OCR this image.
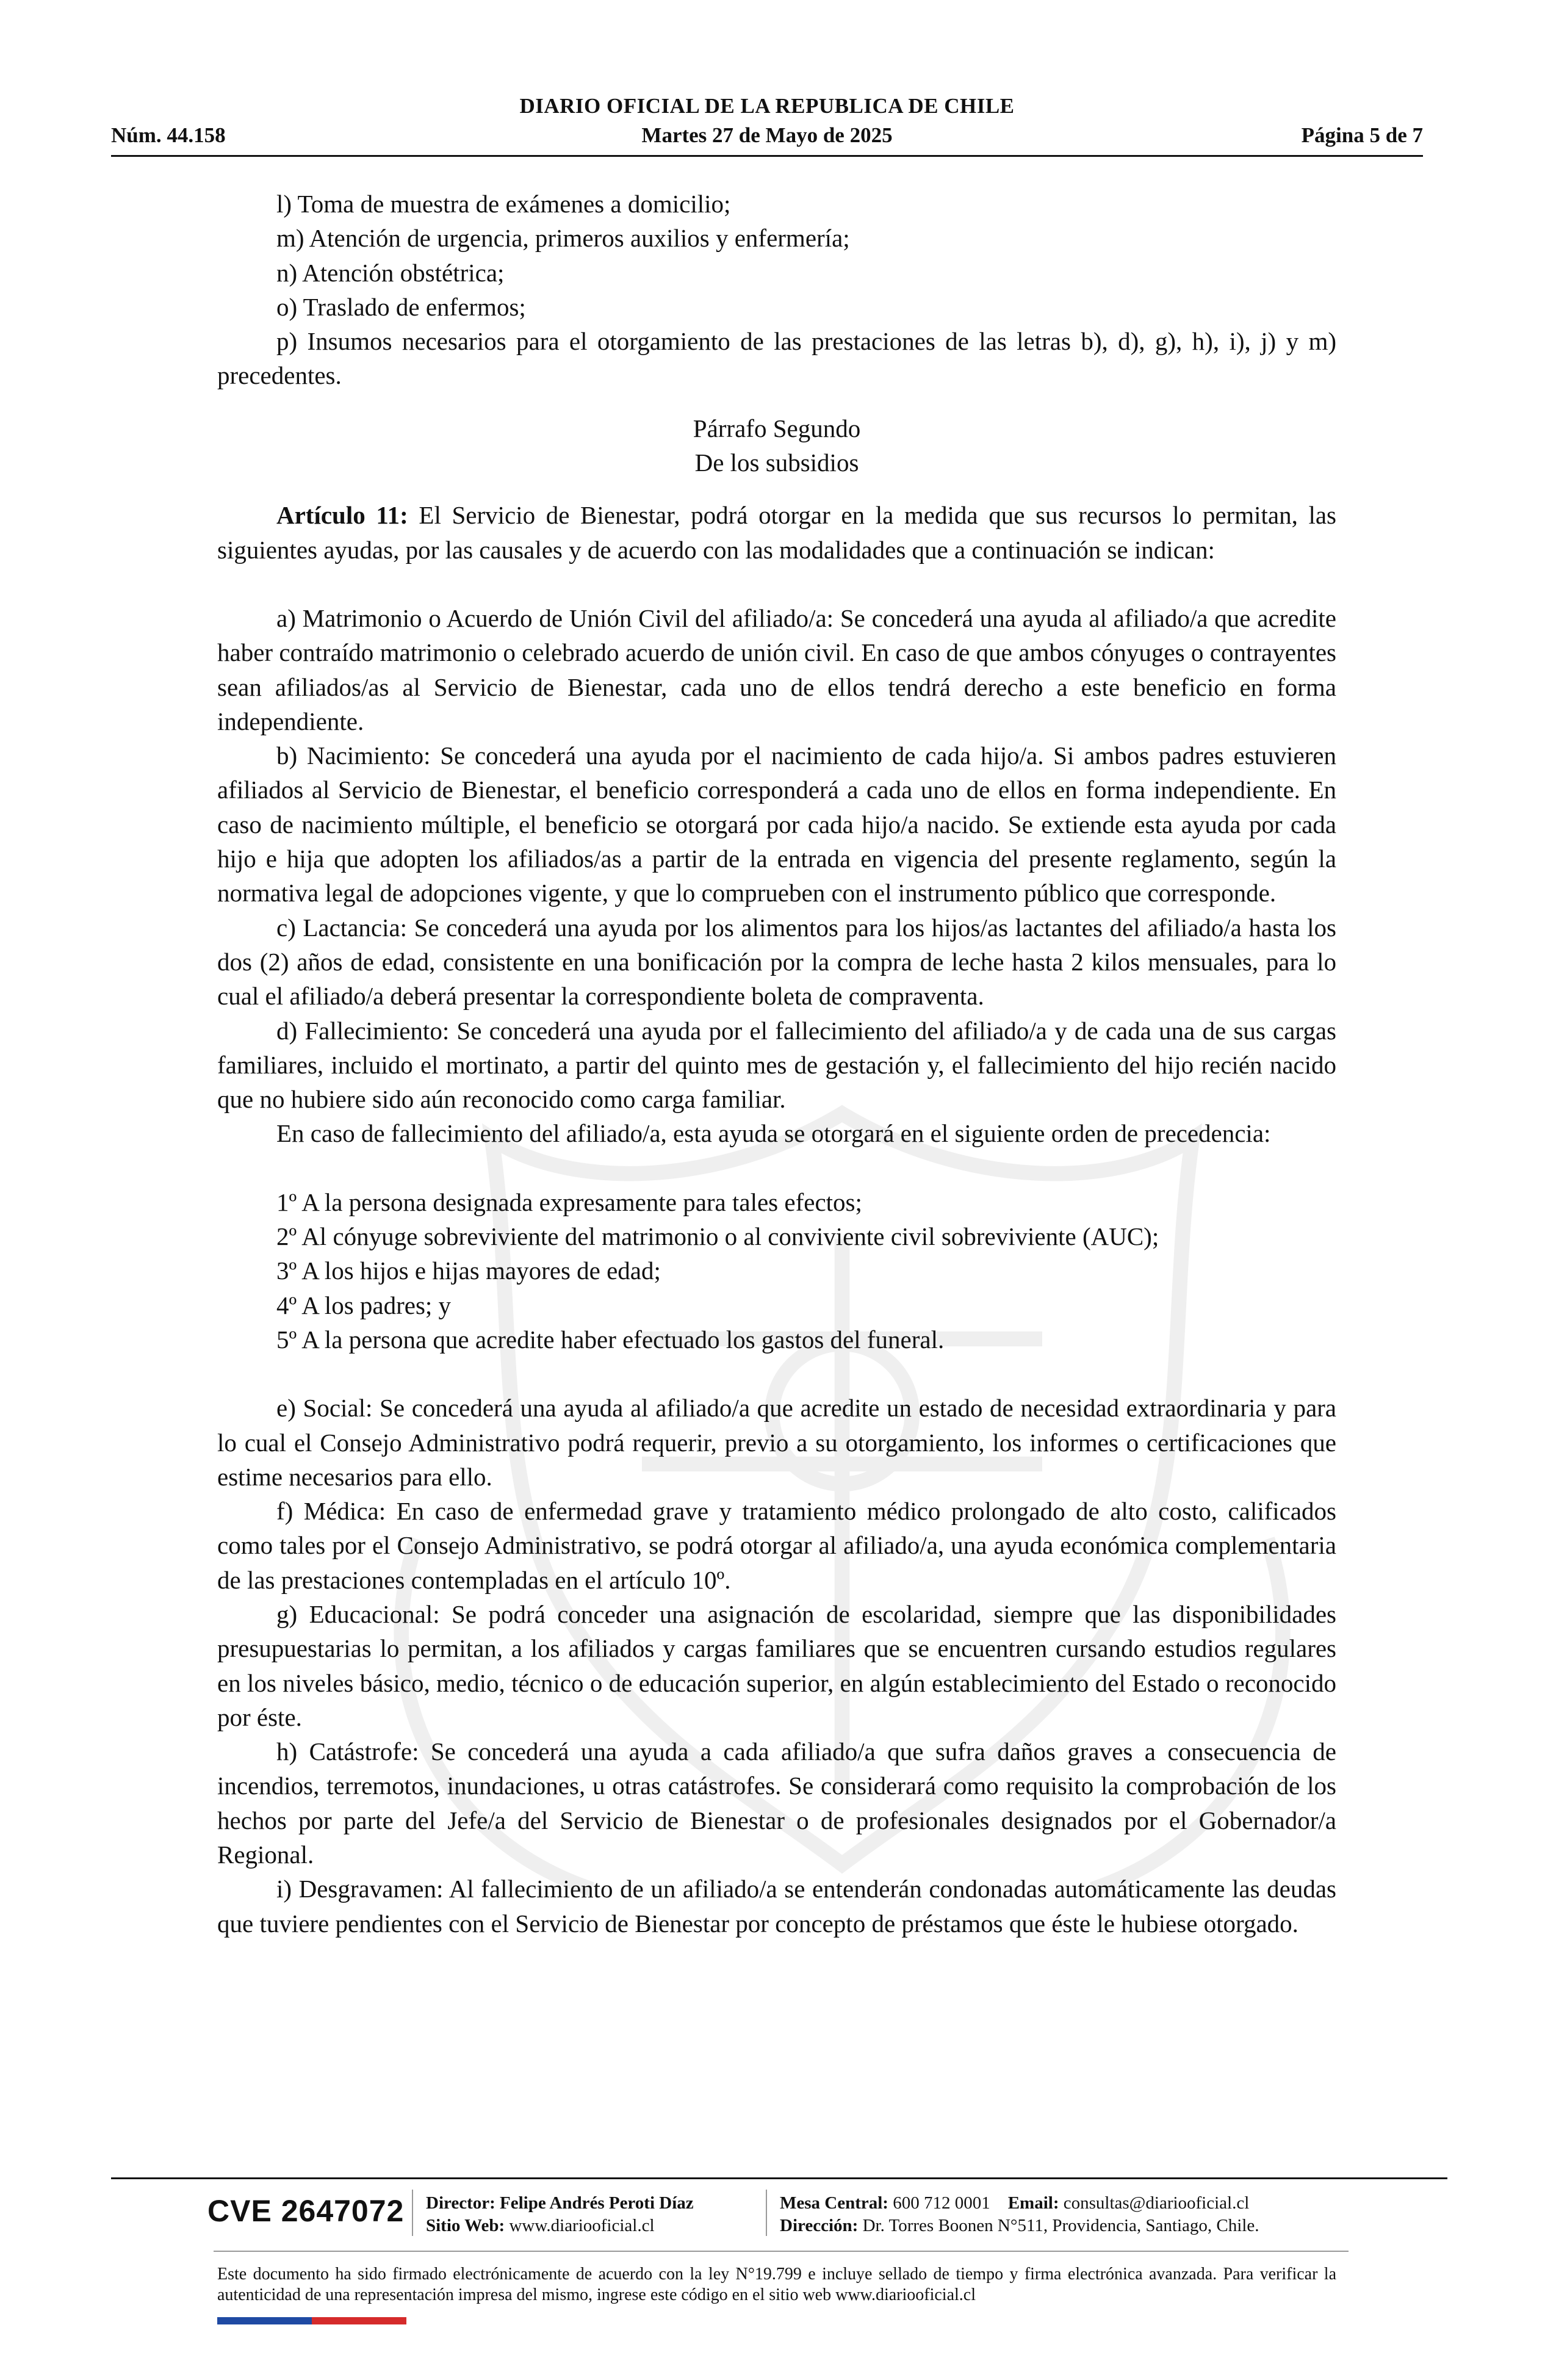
DIARIO OFICIAL DE LA REPUBLICA DE CHILE
Núm. 44.158	Martes 27 de Mayo de 2025	Página 5 de 7

l) Toma de muestra de exámenes a domicilio;

m) Atención de urgencia, primeros auxilios y enfermería;

n) Atención obstétrica;

o) Traslado de enfermos;

p) Insumos necesarios para el otorgamiento de las prestaciones de las letras b), d), g), h), i), j) y m) precedentes.

Párrafo Segundo

De los subsidios

Artículo 11: El Servicio de Bienestar, podrá otorgar en la medida que sus recursos lo permitan, las siguientes ayudas, por las causales y de acuerdo con las modalidades que a continuación se indican:

a) Matrimonio o Acuerdo de Unión Civil del afiliado/a: Se concederá una ayuda al afiliado/a que acredite haber contraído matrimonio o celebrado acuerdo de unión civil. En caso de que ambos cónyuges o contrayentes sean afiliados/as al Servicio de Bienestar, cada uno de ellos tendrá derecho a este beneficio en forma independiente.

b) Nacimiento: Se concederá una ayuda por el nacimiento de cada hijo/a. Si ambos padres estuvieren afiliados al Servicio de Bienestar, el beneficio corresponderá a cada uno de ellos en forma independiente. En caso de nacimiento múltiple, el beneficio se otorgará por cada hijo/a nacido. Se extiende esta ayuda por cada hijo e hija que adopten los afiliados/as a partir de la entrada en vigencia del presente reglamento, según la normativa legal de adopciones vigente, y que lo comprueben con el instrumento público que corresponde.

c) Lactancia: Se concederá una ayuda por los alimentos para los hijos/as lactantes del afiliado/a hasta los dos (2) años de edad, consistente en una bonificación por la compra de leche hasta 2 kilos mensuales, para lo cual el afiliado/a deberá presentar la correspondiente boleta de compraventa.

d) Fallecimiento: Se concederá una ayuda por el fallecimiento del afiliado/a y de cada una de sus cargas familiares, incluido el mortinato, a partir del quinto mes de gestación y, el fallecimiento del hijo recién nacido que no hubiere sido aún reconocido como carga familiar.

En caso de fallecimiento del afiliado/a, esta ayuda se otorgará en el siguiente orden de precedencia:

1º A la persona designada expresamente para tales efectos;

2º Al cónyuge sobreviviente del matrimonio o al conviviente civil sobreviviente (AUC);

3º A los hijos e hijas mayores de edad;

4º A los padres; y

5º A la persona que acredite haber efectuado los gastos del funeral.

e) Social: Se concederá una ayuda al afiliado/a que acredite un estado de necesidad extraordinaria y para lo cual el Consejo Administrativo podrá requerir, previo a su otorgamiento, los informes o certificaciones que estime necesarios para ello.

f) Médica: En caso de enfermedad grave y tratamiento médico prolongado de alto costo, calificados como tales por el Consejo Administrativo, se podrá otorgar al afiliado/a, una ayuda económica complementaria de las prestaciones contempladas en el artículo 10º.

g) Educacional: Se podrá conceder una asignación de escolaridad, siempre que las disponibilidades presupuestarias lo permitan, a los afiliados y cargas familiares que se encuentren cursando estudios regulares en los niveles básico, medio, técnico o de educación superior, en algún establecimiento del Estado o reconocido por éste.

h) Catástrofe: Se concederá una ayuda a cada afiliado/a que sufra daños graves a consecuencia de incendios, terremotos, inundaciones, u otras catástrofes. Se considerará como requisito la comprobación de los hechos por parte del Jefe/a del Servicio de Bienestar o de profesionales designados por el Gobernador/a Regional.

i) Desgravamen: Al fallecimiento de un afiliado/a se entenderán condonadas automáticamente las deudas que tuviere pendientes con el Servicio de Bienestar por concepto de préstamos que éste le hubiese otorgado.

CVE 2647072 Director: Felipe Andrés Peroti Díaz
Sitio Web: www.diariooficial.cl
Mesa Central: 600 712 0001 Email: consultas@diariooficial.cl
Dirección: Dr. Torres Boonen N°511, Providencia, Santiago, Chile.
Este documento ha sido firmado electrónicamente de acuerdo con la ley N°19.799 e incluye sellado de tiempo y firma electrónica avanzada. Para verificar la autenticidad de una representación impresa del mismo, ingrese este código en el sitio web www.diariooficial.cl
